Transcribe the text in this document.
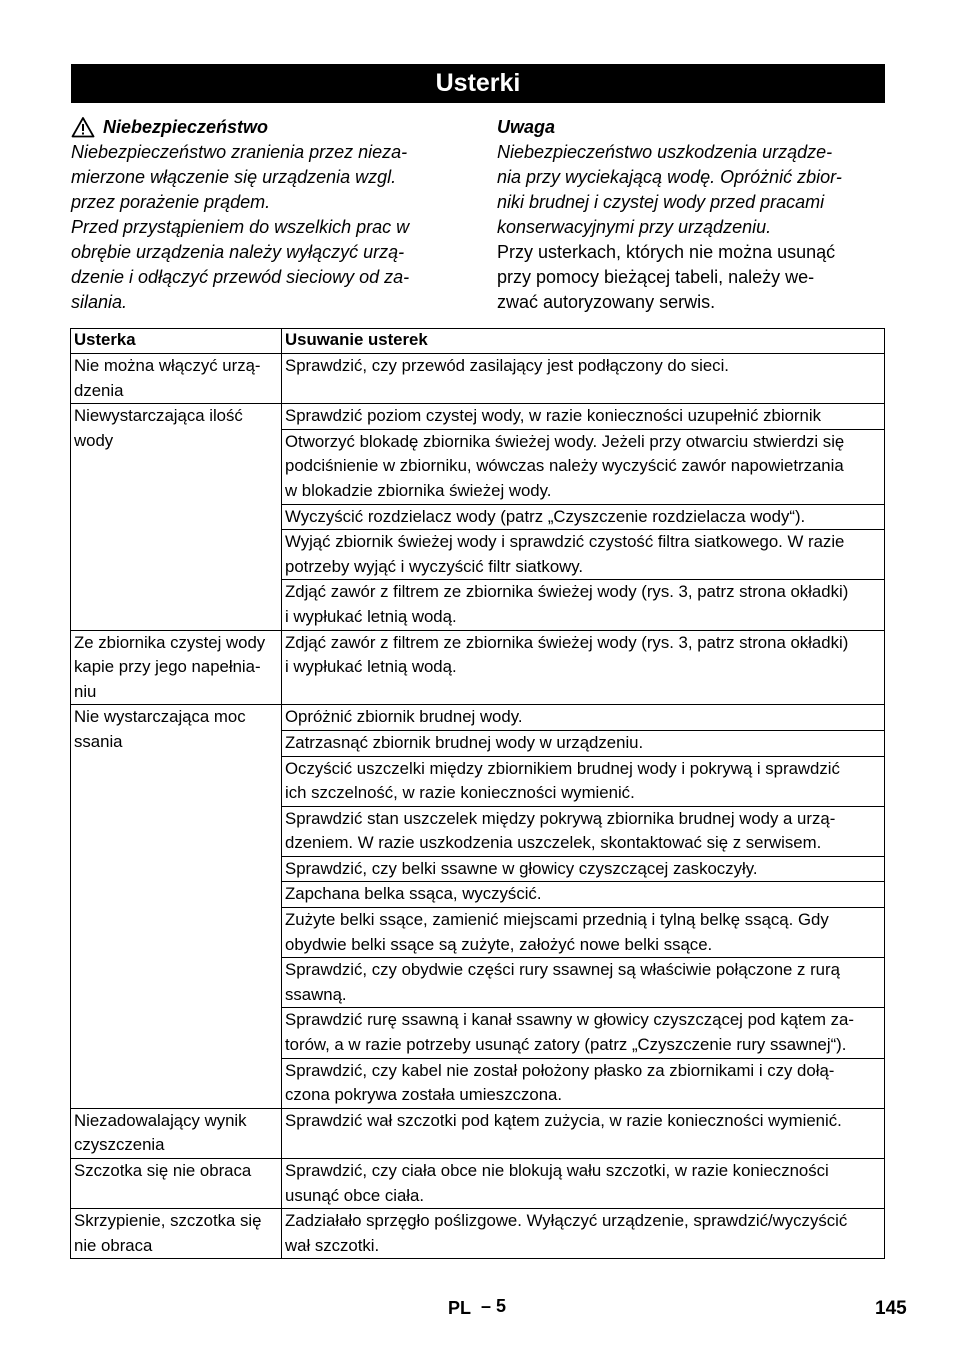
Usterki
Niebezpieczeństwo

Niebezpieczeństwo zranienia przez nieza-
mierzone włączenie się urządzenia wzgl.
przez porażenie prądem.
Przed przystąpieniem do wszelkich prac w
obrębie urządzenia należy wyłączyć urzą-
dzenie i odłączyć przewód sieciowy od za-
silania.

Uwaga

Niebezpieczeństwo uszkodzenia urządze-
nia przy wyciekającą wodę. Opróżnić zbior-
niki brudnej i czystej wody przed pracami
konserwacyjnymi przy urządzeniu.

Przy usterkach, których nie można usunąć
przy pomocy bieżącej tabeli, należy we-
zwać autoryzowany serwis.

Usterka	Usuwanie usterek
Nie można włączyć urzą-
dzenia	Sprawdzić, czy przewód zasilający jest podłączony do sieci.

Niewystarczająca ilość
wody	Sprawdzić poziom czystej wody, w razie konieczności uzupełnić zbiornik
	Otworzyć blokadę zbiornika świeżej wody. Jeżeli przy otwarciu stwierdzi się
podciśnienie w zbiorniku, wówczas należy wyczyścić zawór napowietrzania
w blokadzie zbiornika świeżej wody.
	Wyczyścić rozdzielacz wody (patrz „Czyszczenie rozdzielacza wody“).
	Wyjąć zbiornik świeżej wody i sprawdzić czystość filtra siatkowego. W razie
potrzeby wyjąć i wyczyścić filtr siatkowy.
	Zdjąć zawór z filtrem ze zbiornika świeżej wody (rys. 3, patrz strona okładki)
i wypłukać letnią wodą.
Ze zbiornika czystej wody
kapie przy jego napełnia-
niu	Zdjąć zawór z filtrem ze zbiornika świeżej wody (rys. 3, patrz strona okładki)
i wypłukać letnią wodą.
Nie wystarczająca moc
ssania	Opróżnić zbiornik brudnej wody.
	Zatrzasnąć zbiornik brudnej wody w urządzeniu.
	Oczyścić uszczelki między zbiornikiem brudnej wody i pokrywą i sprawdzić
ich szczelność, w razie konieczności wymienić.
	Sprawdzić stan uszczelek między pokrywą zbiornika brudnej wody a urzą-
dzeniem. W razie uszkodzenia uszczelek, skontaktować się z serwisem.
	Sprawdzić, czy belki ssawne w głowicy czyszczącej zaskoczyły.
	Zapchana belka ssąca, wyczyścić.
	Zużyte belki ssące, zamienić miejscami przednią i tylną belkę ssącą. Gdy
obydwie belki ssące są zużyte, założyć nowe belki ssące.
	Sprawdzić, czy obydwie części rury ssawnej są właściwie połączone z rurą
ssawną.
	Sprawdzić rurę ssawną i kanał ssawny w głowicy czyszczącej pod kątem za-
torów, a w razie potrzeby usunąć zatory (patrz „Czyszczenie rury ssawnej“).
	Sprawdzić, czy kabel nie został położony płasko za zbiornikami i czy dołą-
czona pokrywa została umieszczona.
Niezadowalający wynik
czyszczenia	Sprawdzić wał szczotki pod kątem zużycia, w razie konieczności wymienić.
Szczotka się nie obraca	Sprawdzić, czy ciała obce nie blokują wału szczotki, w razie konieczności
usunąć obce ciała.
Skrzypienie, szczotka się
nie obraca	Zadziałało sprzęgło poślizgowe. Wyłączyć urządzenie, sprawdzić/wyczyścić
wał szczotki.
PL – 5	145
